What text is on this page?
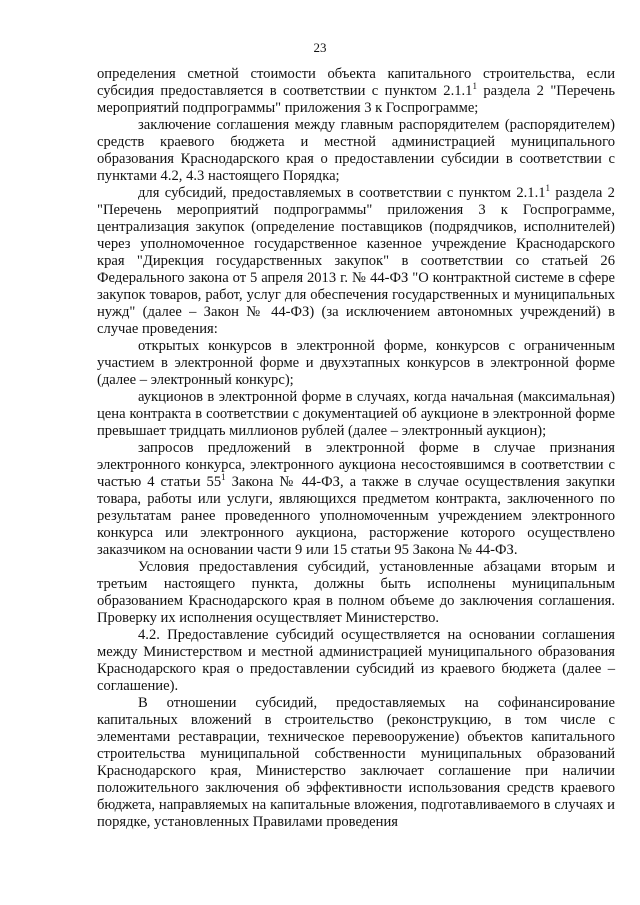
23

определения сметной стоимости объекта капитального строительства, если субсидия предоставляется в соответствии с пунктом 2.1.1$^1$ раздела 2 "Перечень мероприятий подпрограммы" приложения 3 к Госпрограмме;

заключение соглашения между главным распорядителем (распорядителем) средств краевого бюджета и местной администрацией муниципального образования Краснодарского края о предоставлении субсидии в соответствии с пунктами 4.2, 4.3 настоящего Порядка;

для субсидий, предоставляемых в соответствии с пунктом 2.1.1$^1$ раздела 2 "Перечень мероприятий подпрограммы" приложения 3 к Госпрограмме, централизация закупок (определение поставщиков (подрядчиков, исполнителей) через уполномоченное государственное казенное учреждение Краснодарского края "Дирекция государственных закупок" в соответствии со статьей 26 Федерального закона от 5 апреля 2013 г. № 44-ФЗ "О контрактной системе в сфере закупок товаров, работ, услуг для обеспечения государственных и муниципальных нужд" (далее – Закон № 44-ФЗ) (за исключением автономных учреждений) в случае проведения:

открытых конкурсов в электронной форме, конкурсов с ограниченным участием в электронной форме и двухэтапных конкурсов в электронной форме (далее – электронный конкурс);

аукционов в электронной форме в случаях, когда начальная (максимальная) цена контракта в соответствии с документацией об аукционе в электронной форме превышает тридцать миллионов рублей (далее – электронный аукцион);

запросов предложений в электронной форме в случае признания электронного конкурса, электронного аукциона несостоявшимся в соответствии с частью 4 статьи $55^1$ Закона № 44-ФЗ, а также в случае осуществления закупки товара, работы или услуги, являющихся предметом контракта, заключенного по результатам ранее проведенного уполномоченным учреждением электронного конкурса или электронного аукциона, расторжение которого осуществлено заказчиком на основании части 9 или 15 статьи 95 Закона № 44-ФЗ.

Условия предоставления субсидий, установленные абзацами вторым и третьим настоящего пункта, должны быть исполнены муниципальным образованием Краснодарского края в полном объеме до заключения соглашения. Проверку их исполнения осуществляет Министерство.

4.2. Предоставление субсидий осуществляется на основании соглашения между Министерством и местной администрацией муниципального образования Краснодарского края о предоставлении субсидий из краевого бюджета (далее – соглашение).

В отношении субсидий, предоставляемых на софинансирование капитальных вложений в строительство (реконструкцию, в том числе с элементами реставрации, техническое перевооружение) объектов капитального строительства муниципальной собственности муниципальных образований Краснодарского края, Министерство заключает соглашение при наличии положительного заключения об эффективности использования средств краевого бюджета, направляемых на капитальные вложения, подготавливаемого в случаях и порядке, установленных Правилами проведения
